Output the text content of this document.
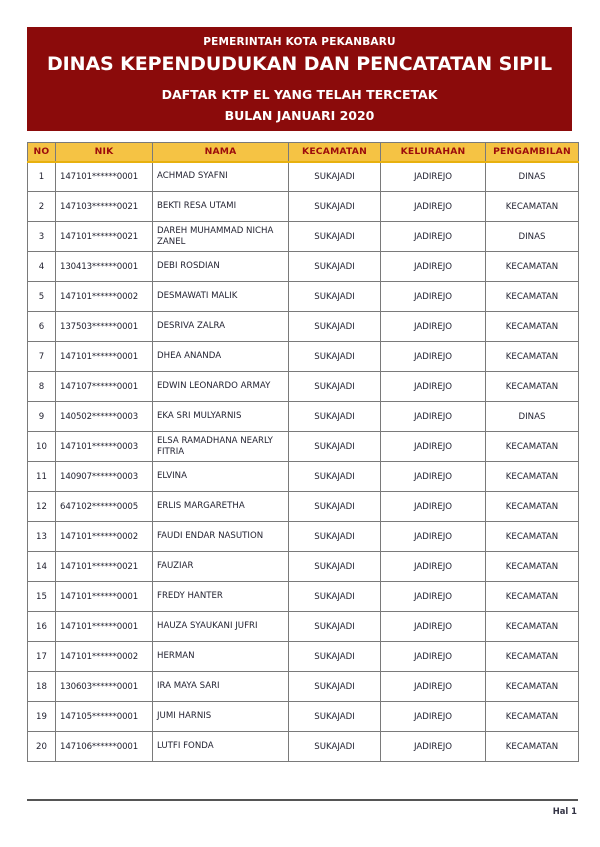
PEMERINTAH KOTA PEKANBARU
DINAS KEPENDUDUKAN DAN PENCATATAN SIPIL
DAFTAR KTP EL YANG TELAH TERCETAK
BULAN JANUARI 2020
NO	NIK	NAMA	KECAMATAN	KELURAHAN	PENGAMBILAN
1	147101******0001	ACHMAD SYAFNI	SUKAJADI	JADIREJO	DINAS
2	147103******0021	BEKTI RESA UTAMI	SUKAJADI	JADIREJO	KECAMATAN
3	147101******0021	DAREH MUHAMMAD NICHA ZANEL	SUKAJADI	JADIREJO	DINAS
4	130413******0001	DEBI ROSDIAN	SUKAJADI	JADIREJO	KECAMATAN
5	147101******0002	DESMAWATI MALIK	SUKAJADI	JADIREJO	KECAMATAN
6	137503******0001	DESRIVA ZALRA	SUKAJADI	JADIREJO	KECAMATAN
7	147101******0001	DHEA ANANDA	SUKAJADI	JADIREJO	KECAMATAN
8	147107******0001	EDWIN LEONARDO ARMAY	SUKAJADI	JADIREJO	KECAMATAN
9	140502******0003	EKA SRI MULYARNIS	SUKAJADI	JADIREJO	DINAS
10	147101******0003	ELSA RAMADHANA NEARLY FITRIA	SUKAJADI	JADIREJO	KECAMATAN
11	140907******0003	ELVINA	SUKAJADI	JADIREJO	KECAMATAN
12	647102******0005	ERLIS MARGARETHA	SUKAJADI	JADIREJO	KECAMATAN
13	147101******0002	FAUDI ENDAR NASUTION	SUKAJADI	JADIREJO	KECAMATAN
14	147101******0021	FAUZIAR	SUKAJADI	JADIREJO	KECAMATAN
15	147101******0001	FREDY HANTER	SUKAJADI	JADIREJO	KECAMATAN
16	147101******0001	HAUZA SYAUKANI JUFRI	SUKAJADI	JADIREJO	KECAMATAN
17	147101******0002	HERMAN	SUKAJADI	JADIREJO	KECAMATAN
18	130603******0001	IRA MAYA SARI	SUKAJADI	JADIREJO	KECAMATAN
19	147105******0001	JUMI HARNIS	SUKAJADI	JADIREJO	KECAMATAN
20	147106******0001	LUTFI FONDA	SUKAJADI	JADIREJO	KECAMATAN
Hal 1
